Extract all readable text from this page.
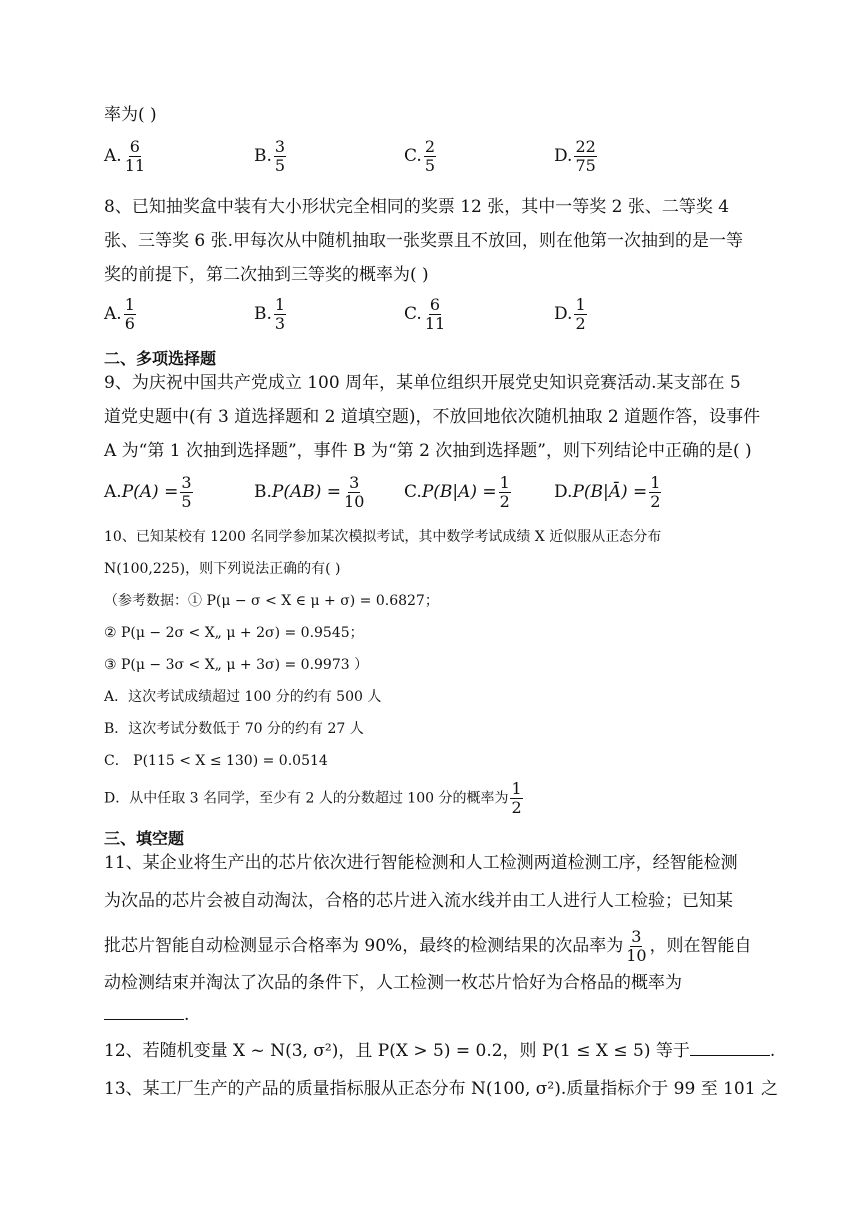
率为( )
A. $\frac{6}{11}$	B. $\frac{3}{5}$	C. $\frac{2}{5}$	D. $\frac{22}{75}$
8、已知抽奖盒中装有大小形状完全相同的奖票 12 张，其中一等奖 2 张、二等奖 4
张、三等奖 6 张.甲每次从中随机抽取一张奖票且不放回，则在他第一次抽到的是一等
奖的前提下，第二次抽到三等奖的概率为( )
A. $\frac{1}{6}$	B. $\frac{1}{3}$	C. $\frac{6}{11}$	D. $\frac{1}{2}$
二、多项选择题
9、为庆祝中国共产党成立 100 周年，某单位组织开展党史知识竞赛活动.某支部在 5
道党史题中(有 3 道选择题和 2 道填空题)，不放回地依次随机抽取 2 道题作答，设事件
A 为“第 1 次抽到选择题”，事件 B 为“第 2 次抽到选择题”，则下列结论中正确的是( )
$A.P(A) = \frac{3}{5}$	$B.P(AB) = \frac{3}{10} C.P(B|A) = \frac{1}{2}$	D.P(B|Ā) = $\frac{1}{2}$
10、已知某校有 1200 名同学参加某次模拟考试，其中数学考试成绩 X 近似服从正态分布
N(100,225)，则下列说法正确的有( )
（参考数据：① P(μ − σ < X ∈ μ + σ) = 0.6827；
② P(μ − 2σ < X„ μ + 2σ) = 0.9545；
③ P(μ − 3σ < X„ μ + 3σ) = 0.9973 ）
A．这次考试成绩超过 100 分的约有 500 人
B．这次考试分数低于 70 分的约有 27 人
C． P(115 < X ≤ 130) = 0.0514
D．从中任取 3 名同学，至少有 2 人的分数超过 100 分的概率为 $\frac{1}{2}$
三、填空题
11、某企业将生产出的芯片依次进行智能检测和人工检测两道检测工序，经智能检测
为次品的芯片会被自动淘汰，合格的芯片进入流水线并由工人进行人工检验；已知某
批芯片智能自动检测显示合格率为 90%，最终的检测结果的次品率为 $\frac{3}{10}$ ，则在智能自
动检测结束并淘汰了次品的条件下，人工检测一枚芯片恰好为合格品的概率为
.
12、若随机变量 X ~ N(3, σ²)，且 P(X > 5) = 0.2，则 P(1 ≤ X ≤ 5) 等于	.
13、某工厂生产的产品的质量指标服从正态分布 N(100, σ²).质量指标介于 99 至 101 之
